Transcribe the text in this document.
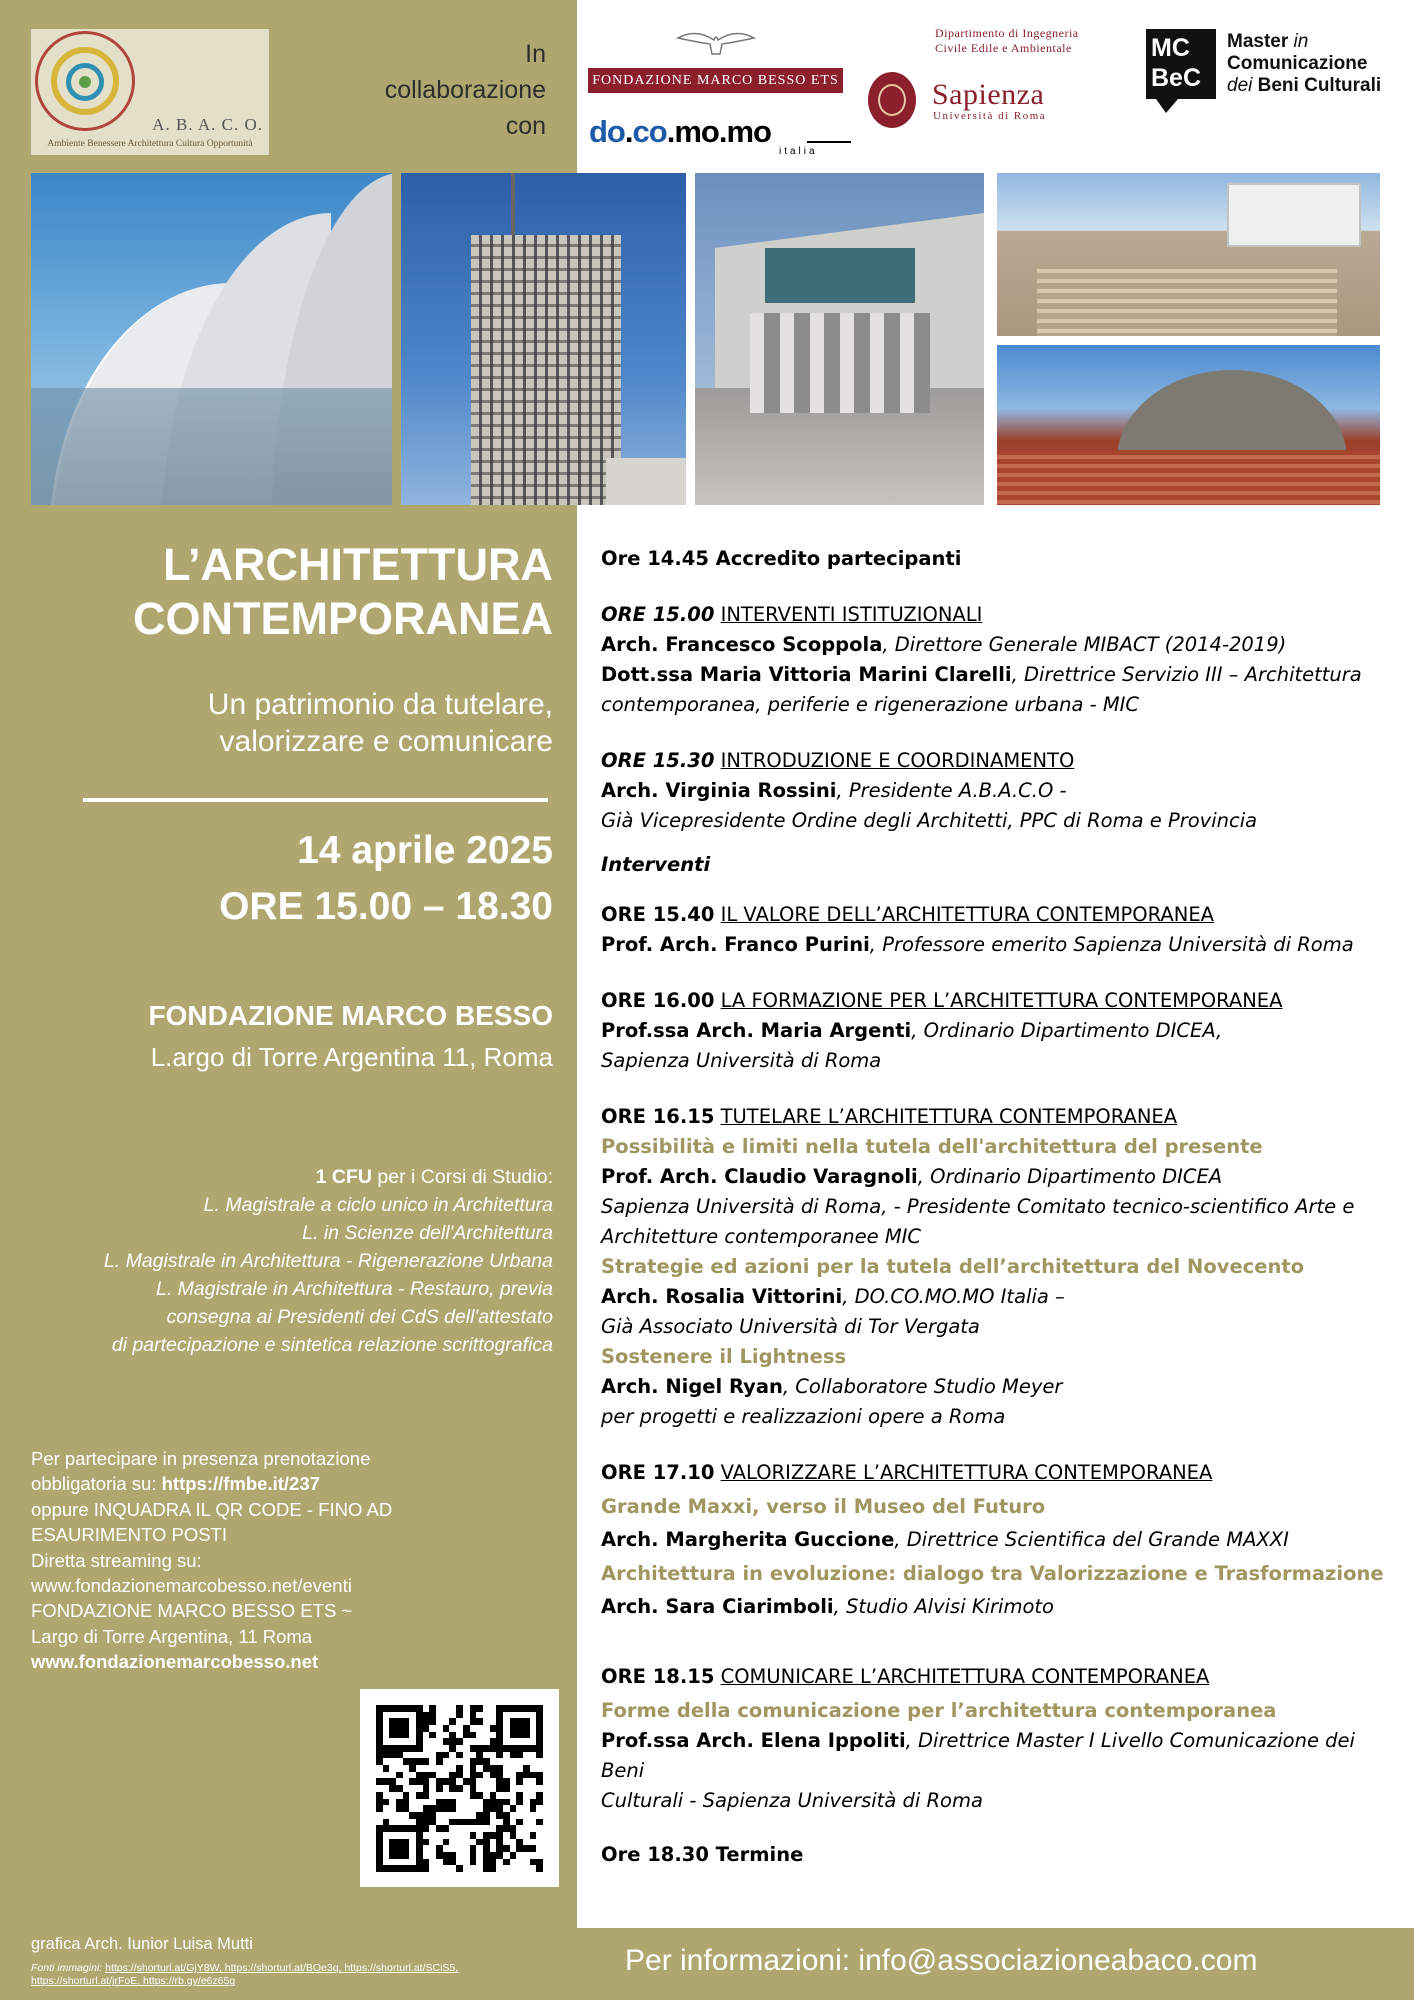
A. B. A. C. O.
Ambiente Benessere Architettura Cultura Opportunità
In
collaborazione
con
FONDAZIONE MARCO BESSO ETS
do.co.mo.mo
italia
Dipartimento di Ingegneria
Civile Edile e Ambientale
Sapienza
Università di Roma
MC
BeC
Master in
Comunicazione
dei Beni Culturali
L’ARCHITETTURA
CONTEMPORANEA
Un patrimonio da tutelare,
valorizzare e comunicare
14 aprile 2025
ORE 15.00 – 18.30
FONDAZIONE MARCO BESSO
L.argo di Torre Argentina 11, Roma
1 CFU per i Corsi di Studio:
L. Magistrale a ciclo unico in Architettura
L. in Scienze dell'Architettura
L. Magistrale in Architettura - Rigenerazione Urbana
L. Magistrale in Architettura - Restauro, previa
consegna ai Presidenti dei CdS dell'attestato
di partecipazione e sintetica relazione scrittografica
Per partecipare in presenza prenotazione
obbligatoria su: https://fmbe.it/237
oppure INQUADRA IL QR CODE - FINO AD
ESAURIMENTO POSTI
Diretta streaming su:
www.fondazionemarcobesso.net/eventi
FONDAZIONE MARCO BESSO ETS ~
Largo di Torre Argentina, 11 Roma
www.fondazionemarcobesso.net
Ore 14.45 Accredito partecipanti
ORE 15.00 INTERVENTI ISTITUZIONALI
Arch. Francesco Scoppola, Direttore Generale MIBACT (2014-2019)
Dott.ssa Maria Vittoria Marini Clarelli, Direttrice Servizio III – Architettura
contemporanea, periferie e rigenerazione urbana - MIC
ORE 15.30 INTRODUZIONE E COORDINAMENTO
Arch. Virginia Rossini, Presidente A.B.A.C.O -
Già Vicepresidente Ordine degli Architetti, PPC di Roma e Provincia
Interventi
ORE 15.40 IL VALORE DELL’ARCHITETTURA CONTEMPORANEA
Prof. Arch. Franco Purini, Professore emerito Sapienza Università di Roma
ORE 16.00 LA FORMAZIONE PER L’ARCHITETTURA CONTEMPORANEA
Prof.ssa Arch. Maria Argenti, Ordinario Dipartimento DICEA,
Sapienza Università di Roma
ORE 16.15 TUTELARE L’ARCHITETTURA CONTEMPORANEA
Possibilità e limiti nella tutela dell'architettura del presente
Prof. Arch. Claudio Varagnoli, Ordinario Dipartimento DICEA
Sapienza Università di Roma, - Presidente Comitato tecnico-scientifico Arte e
Architetture contemporanee MIC
Strategie ed azioni per la tutela dell’architettura del Novecento
Arch. Rosalia Vittorini, DO.CO.MO.MO Italia –
Già Associato Università di Tor Vergata
Sostenere il Lightness
Arch. Nigel Ryan, Collaboratore Studio Meyer
per progetti e realizzazioni opere a Roma
ORE 17.10 VALORIZZARE L’ARCHITETTURA CONTEMPORANEA
Grande Maxxi, verso il Museo del Futuro
Arch. Margherita Guccione, Direttrice Scientifica del Grande MAXXI
Architettura in evoluzione: dialogo tra Valorizzazione e Trasformazione
Arch. Sara Ciarimboli, Studio Alvisi Kirimoto
ORE 18.15 COMUNICARE L’ARCHITETTURA CONTEMPORANEA
Forme della comunicazione per l’architettura contemporanea
Prof.ssa Arch. Elena Ippoliti, Direttrice Master I Livello Comunicazione dei Beni
Culturali - Sapienza Università di Roma
Ore 18.30 Termine
grafica Arch. Iunior Luisa Mutti
Fonti immagini: https://shorturl.at/GjY8W, https://shorturl.at/BOe3q, https://shorturl.at/SCiS5,
https://shorturl.at/jrFoE, https://rb.gy/e6z65g
Per informazioni: info@associazioneabaco.com
